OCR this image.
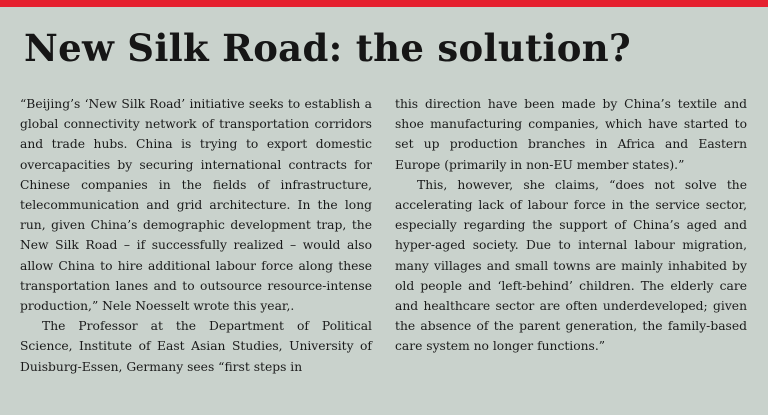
New Silk Road: the solution?

“Beijing’s ‘New Silk Road’ initiative seeks to establish a global connectivity network of transportation corridors and trade hubs. China is trying to export domestic overcapacities by securing international contracts for Chinese companies in the fields of infrastructure, telecommunication and grid architecture. In the long run, given China’s demographic development trap, the New Silk Road – if successfully realized – would also allow China to hire additional labour force along these transportation lanes and to outsource resource-intense production,” Nele Noesselt wrote this year,.

The Professor at the Department of Political Science, Institute of East Asian Studies, University of Duisburg-Essen, Germany sees “first steps in

this direction have been made by China’s textile and shoe manufacturing companies, which have started to set up production branches in Africa and Eastern Europe (primarily in non-EU member states).”

This, however, she claims, “does not solve the accelerating lack of labour force in the service sector, especially regarding the support of China’s aged and hyper-aged society. Due to internal labour migration, many villages and small towns are mainly inhabited by old people and ‘left-behind’ children. The elderly care and healthcare sector are often underdeveloped; given the absence of the parent generation, the family-based care system no longer functions.”
